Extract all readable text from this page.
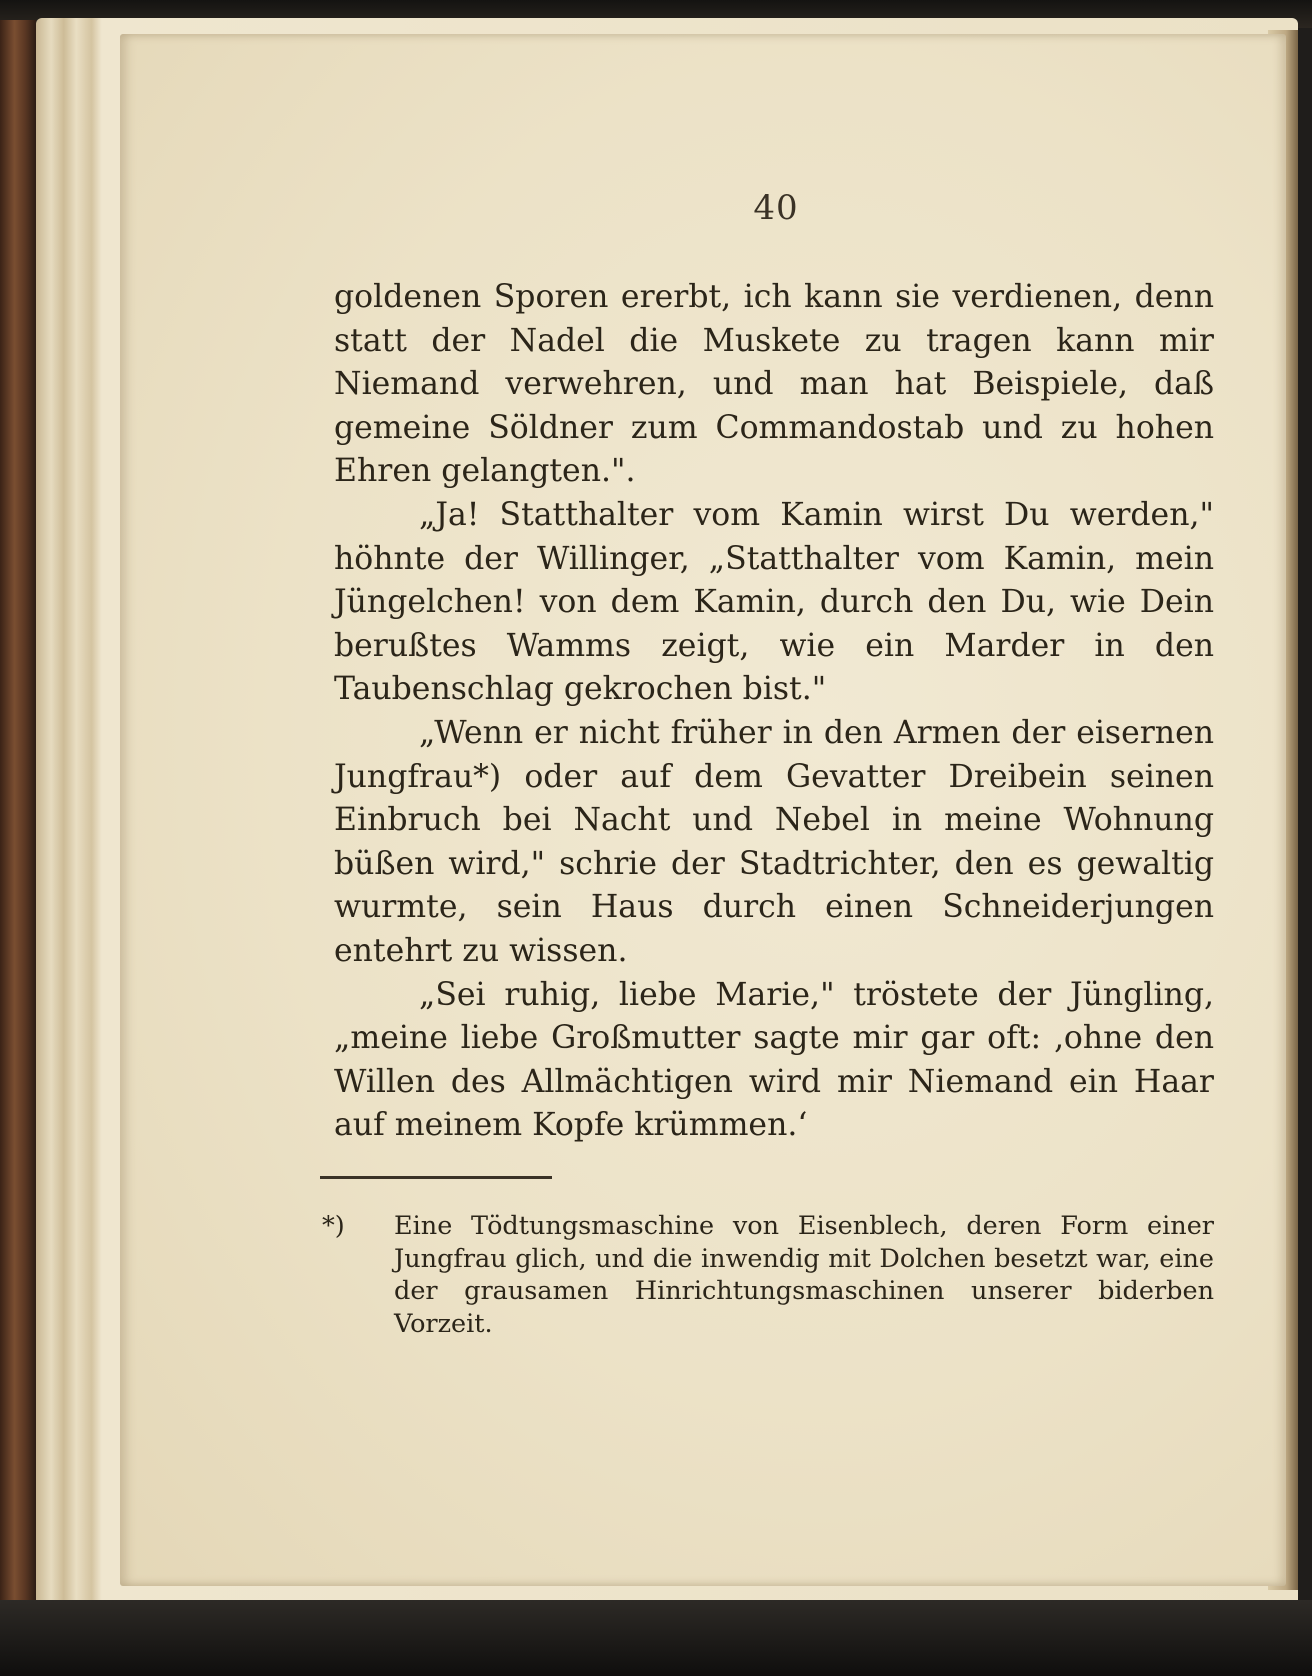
40

goldenen Sporen ererbt, ich kann sie verdienen, denn statt der Nadel die Muskete zu tragen kann mir Niemand verwehren, und man hat Beispiele, daß gemeine Söldner zum Commandostab und zu hohen Ehren gelangten.".

„Ja! Statthalter vom Kamin wirst Du werden," höhnte der Willinger, „Statthalter vom Kamin, mein Jüngelchen! von dem Kamin, durch den Du, wie Dein berußtes Wamms zeigt, wie ein Marder in den Taubenschlag gekrochen bist."

„Wenn er nicht früher in den Armen der eisernen Jungfrau*) oder auf dem Gevatter Dreibein seinen Einbruch bei Nacht und Nebel in meine Wohnung büßen wird," schrie der Stadtrichter, den es gewaltig wurmte, sein Haus durch einen Schneiderjungen entehrt zu wissen.

„Sei ruhig, liebe Marie," tröstete der Jüngling, „meine liebe Großmutter sagte mir gar oft: ‚ohne den Willen des Allmächtigen wird mir Niemand ein Haar auf meinem Kopfe krümmen.‘

*) Eine Tödtungsmaschine von Eisenblech, deren Form einer Jungfrau glich, und die inwendig mit Dolchen besetzt war, eine der grausamen Hinrichtungsmaschinen unserer biderben Vorzeit.
